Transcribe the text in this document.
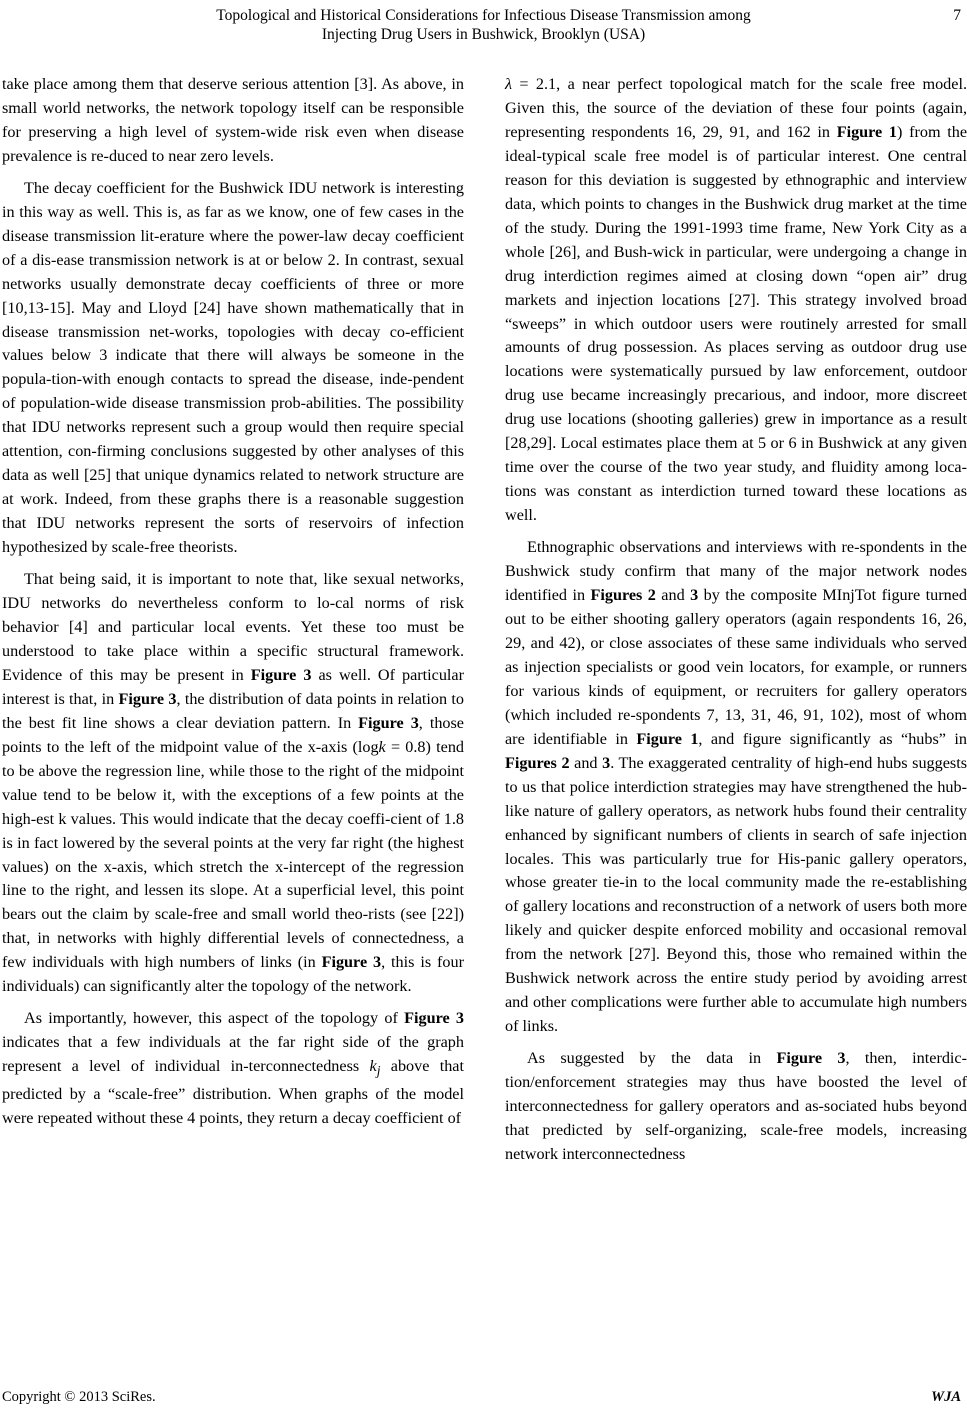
Topological and Historical Considerations for Infectious Disease Transmission among
Injecting Drug Users in Bushwick, Brooklyn (USA)
7

take place among them that deserve serious attention [3]. As above, in small world networks, the network topology itself can be responsible for preserving a high level of system-wide risk even when disease prevalence is re-duced to near zero levels.

The decay coefficient for the Bushwick IDU network is interesting in this way as well. This is, as far as we know, one of few cases in the disease transmission lit-erature where the power-law decay coefficient of a dis-ease transmission network is at or below 2. In contrast, sexual networks usually demonstrate decay coefficients of three or more [10,13-15]. May and Lloyd [24] have shown mathematically that in disease transmission net-works, topologies with decay co-efficient values below 3 indicate that there will always be someone in the popula-tion-with enough contacts to spread the disease, inde-pendent of population-wide disease transmission prob-abilities. The possibility that IDU networks represent such a group would then require special attention, con-firming conclusions suggested by other analyses of this data as well [25] that unique dynamics related to network structure are at work. Indeed, from these graphs there is a reasonable suggestion that IDU networks represent the sorts of reservoirs of infection hypothesized by scale-free theorists.

That being said, it is important to note that, like sexual networks, IDU networks do nevertheless conform to lo-cal norms of risk behavior [4] and particular local events. Yet these too must be understood to take place within a specific structural framework. Evidence of this may be present in Figure 3 as well. Of particular interest is that, in Figure 3, the distribution of data points in relation to the best fit line shows a clear deviation pattern. In Figure 3, those points to the left of the midpoint value of the x-axis (logk = 0.8) tend to be above the regression line, while those to the right of the midpoint value tend to be below it, with the exceptions of a few points at the high-est k values. This would indicate that the decay coeffi-cient of 1.8 is in fact lowered by the several points at the very far right (the highest values) on the x-axis, which stretch the x-intercept of the regression line to the right, and lessen its slope. At a superficial level, this point bears out the claim by scale-free and small world theo-rists (see [22]) that, in networks with highly differential levels of connectedness, a few individuals with high numbers of links (in Figure 3, this is four individuals) can significantly alter the topology of the network.

As importantly, however, this aspect of the topology of Figure 3 indicates that a few individuals at the far right side of the graph represent a level of individual in-terconnectedness $k_j$ above that predicted by a “scale-free” distribution. When graphs of the model were repeated without these 4 points, they return a decay coefficient of

λ = 2.1, a near perfect topological match for the scale free model. Given this, the source of the deviation of these four points (again, representing respondents 16, 29, 91, and 162 in Figure 1) from the ideal-typical scale free model is of particular interest. One central reason for this deviation is suggested by ethnographic and interview data, which points to changes in the Bushwick drug market at the time of the study. During the 1991-1993 time frame, New York City as a whole [26], and Bush-wick in particular, were undergoing a change in drug interdiction regimes aimed at closing down “open air” drug markets and injection locations [27]. This strategy involved broad “sweeps” in which outdoor users were routinely arrested for small amounts of drug possession. As places serving as outdoor drug use locations were systematically pursued by law enforcement, outdoor drug use became increasingly precarious, and indoor, more discreet drug use locations (shooting galleries) grew in importance as a result [28,29]. Local estimates place them at 5 or 6 in Bushwick at any given time over the course of the two year study, and fluidity among loca-tions was constant as interdiction turned toward these locations as well.

Ethnographic observations and interviews with re-spondents in the Bushwick study confirm that many of the major network nodes identified in Figures 2 and 3 by the composite MInjTot figure turned out to be either shooting gallery operators (again respondents 16, 26, 29, and 42), or close associates of these same individuals who served as injection specialists or good vein locators, for example, or runners for various kinds of equipment, or recruiters for gallery operators (which included re-spondents 7, 13, 31, 46, 91, 102), most of whom are identifiable in Figure 1, and figure significantly as “hubs” in Figures 2 and 3. The exaggerated centrality of high-end hubs suggests to us that police interdiction strategies may have strengthened the hub-like nature of gallery operators, as network hubs found their centrality enhanced by significant numbers of clients in search of safe injection locales. This was particularly true for His-panic gallery operators, whose greater tie-in to the local community made the re-establishing of gallery locations and reconstruction of a network of users both more likely and quicker despite enforced mobility and occasional removal from the network [27]. Beyond this, those who remained within the Bushwick network across the entire study period by avoiding arrest and other complications were further able to accumulate high numbers of links.

As suggested by the data in Figure 3, then, interdic-tion/enforcement strategies may thus have boosted the level of interconnectedness for gallery operators and as-sociated hubs beyond that predicted by self-organizing, scale-free models, increasing network interconnectedness

Copyright © 2013 SciRes.	WJA
